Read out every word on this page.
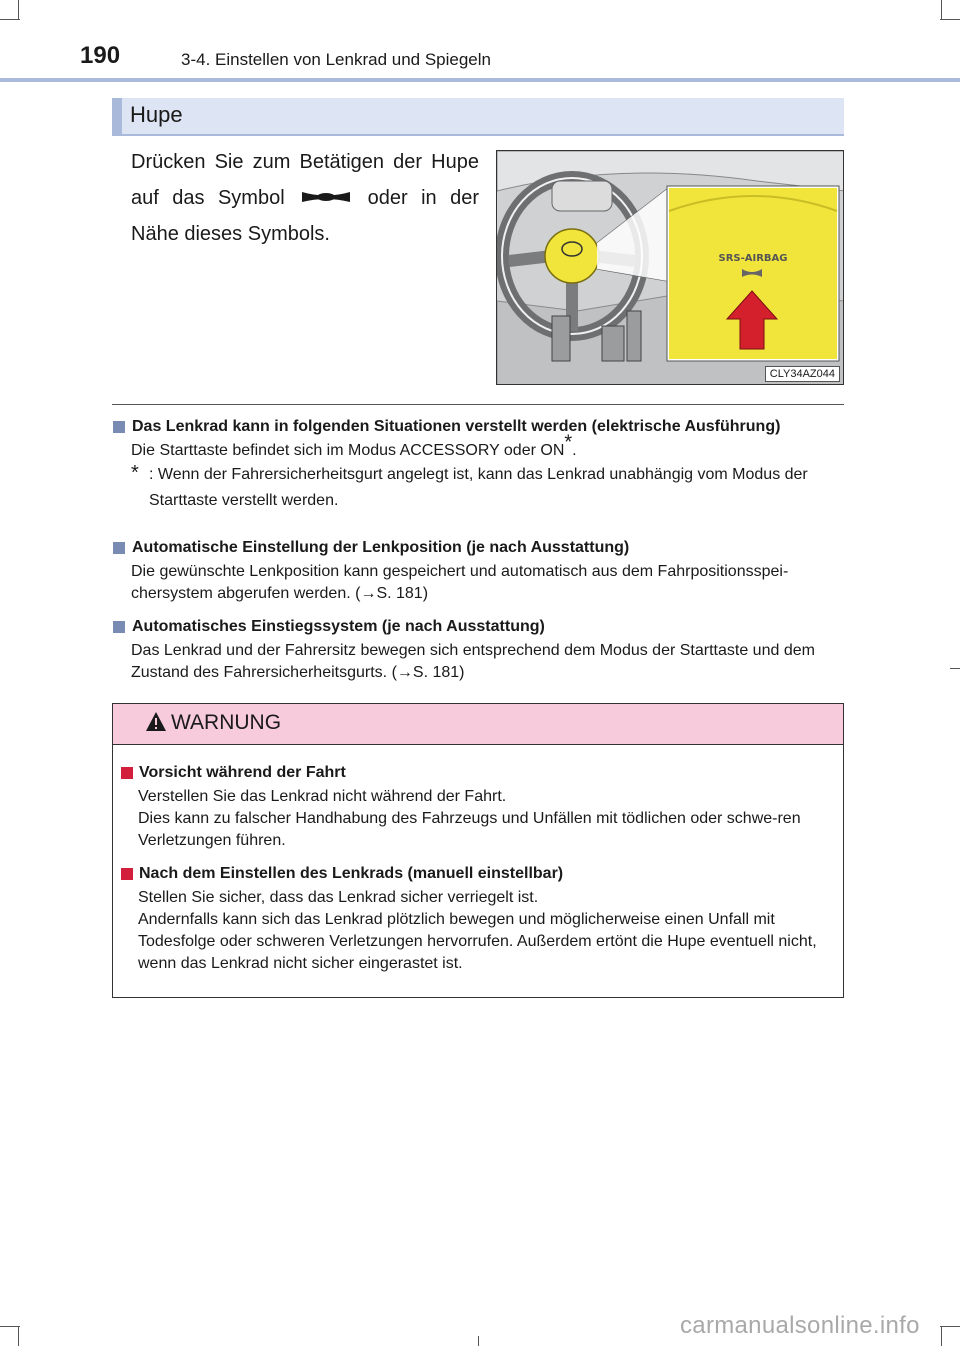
190	3-4. Einstellen von Lenkrad und Spiegeln
Hupe
Drücken Sie zum Betätigen der Hupe
auf das Symbol	oder in der
Nähe dieses Symbols.
SRS-AIRBAG
CLY34AZ044
Das Lenkrad kann in folgenden Situationen verstellt werden (elektrische Ausführung)
Die Starttaste befindet sich im Modus ACCESSORY oder ON*.
* : Wenn der Fahrersicherheitsgurt angelegt ist, kann das Lenkrad unabhängig vom Modus der Starttaste verstellt werden.
Automatische Einstellung der Lenkposition (je nach Ausstattung)
Die gewünschte Lenkposition kann gespeichert und automatisch aus dem Fahrpositionsspei-chersystem abgerufen werden. (→S. 181)
Automatisches Einstiegssystem (je nach Ausstattung)
Das Lenkrad und der Fahrersitz bewegen sich entsprechend dem Modus der Starttaste und dem Zustand des Fahrersicherheitsgurts. (→S. 181)
WARNUNG
Vorsicht während der Fahrt
Verstellen Sie das Lenkrad nicht während der Fahrt.
Dies kann zu falscher Handhabung des Fahrzeugs und Unfällen mit tödlichen oder schwe-ren Verletzungen führen.
Nach dem Einstellen des Lenkrads (manuell einstellbar)
Stellen Sie sicher, dass das Lenkrad sicher verriegelt ist.
Andernfalls kann sich das Lenkrad plötzlich bewegen und möglicherweise einen Unfall mit Todesfolge oder schweren Verletzungen hervorrufen. Außerdem ertönt die Hupe eventuell nicht, wenn das Lenkrad nicht sicher eingerastet ist.
carmanualsonline.info
